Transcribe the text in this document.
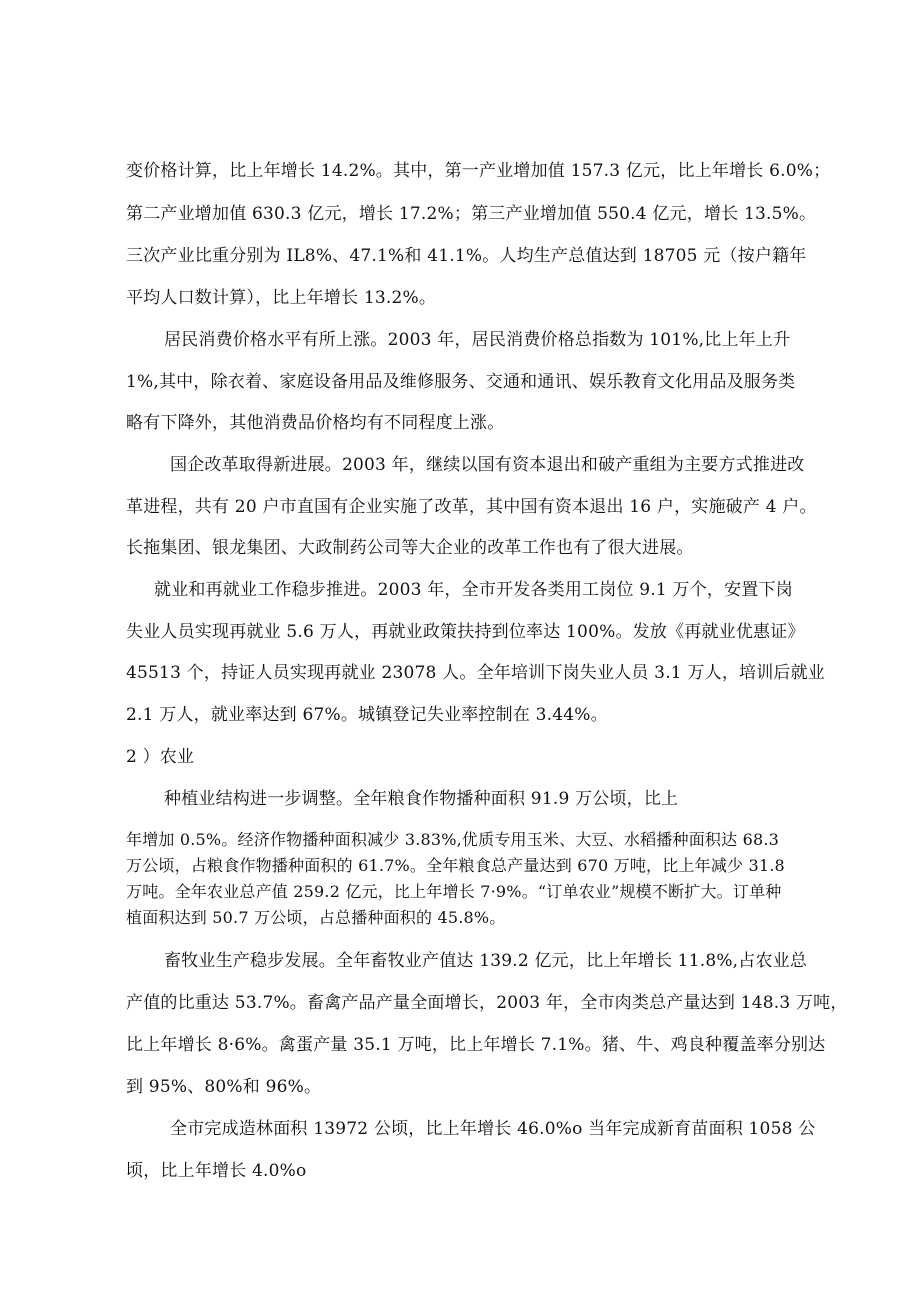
变价格计算，比上年增长 14.2%。其中，第一产业增加值 157.3 亿元，比上年增长 6.0%；
第二产业增加值 630.3 亿元，增长 17.2%；第三产业增加值 550.4 亿元，增长 13.5%。
三次产业比重分别为 IL8%、47.1%和 41.1%。人均生产总值达到 18705 元（按户籍年
平均人口数计算），比上年增长 13.2%。
居民消费价格水平有所上涨。2003 年，居民消费价格总指数为 101%,比上年上升
1%,其中，除衣着、家庭设备用品及维修服务、交通和通讯、娱乐教育文化用品及服务类
略有下降外，其他消费品价格均有不同程度上涨。
国企改革取得新进展。2003 年，继续以国有资本退出和破产重组为主要方式推进改
革进程，共有 20 户市直国有企业实施了改革，其中国有资本退出 16 户，实施破产 4 户。
长拖集团、银龙集团、大政制药公司等大企业的改革工作也有了很大进展。
就业和再就业工作稳步推进。2003 年，全市开发各类用工岗位 9.1 万个，安置下岗
失业人员实现再就业 5.6 万人，再就业政策扶持到位率达 100%。发放《再就业优惠证》
45513 个，持证人员实现再就业 23078 人。全年培训下岗失业人员 3.1 万人，培训后就业
2.1 万人，就业率达到 67%。城镇登记失业率控制在 3.44%。
2 ）农业
种植业结构进一步调整。全年粮食作物播种面积 91.9 万公顷，比上
年增加 0.5%。经济作物播种面积减少 3.83%,优质专用玉米、大豆、水稻播种面积达 68.3
万公顷，占粮食作物播种面积的 61.7%。全年粮食总产量达到 670 万吨，比上年减少 31.8
万吨。全年农业总产值 259.2 亿元，比上年增长 7·9%。“订单农业”规模不断扩大。订单种
植面积达到 50.7 万公顷，占总播种面积的 45.8%。
畜牧业生产稳步发展。全年畜牧业产值达 139.2 亿元，比上年增长 11.8%,占农业总
产值的比重达 53.7%。畜禽产品产量全面增长，2003 年，全市肉类总产量达到 148.3 万吨，
比上年增长 8·6%。禽蛋产量 35.1 万吨，比上年增长 7.1%。猪、牛、鸡良种覆盖率分别达
到 95%、80%和 96%。
全市完成造林面积 13972 公顷，比上年增长 46.0%o 当年完成新育苗面积 1058 公
顷，比上年增长 4.0%o
